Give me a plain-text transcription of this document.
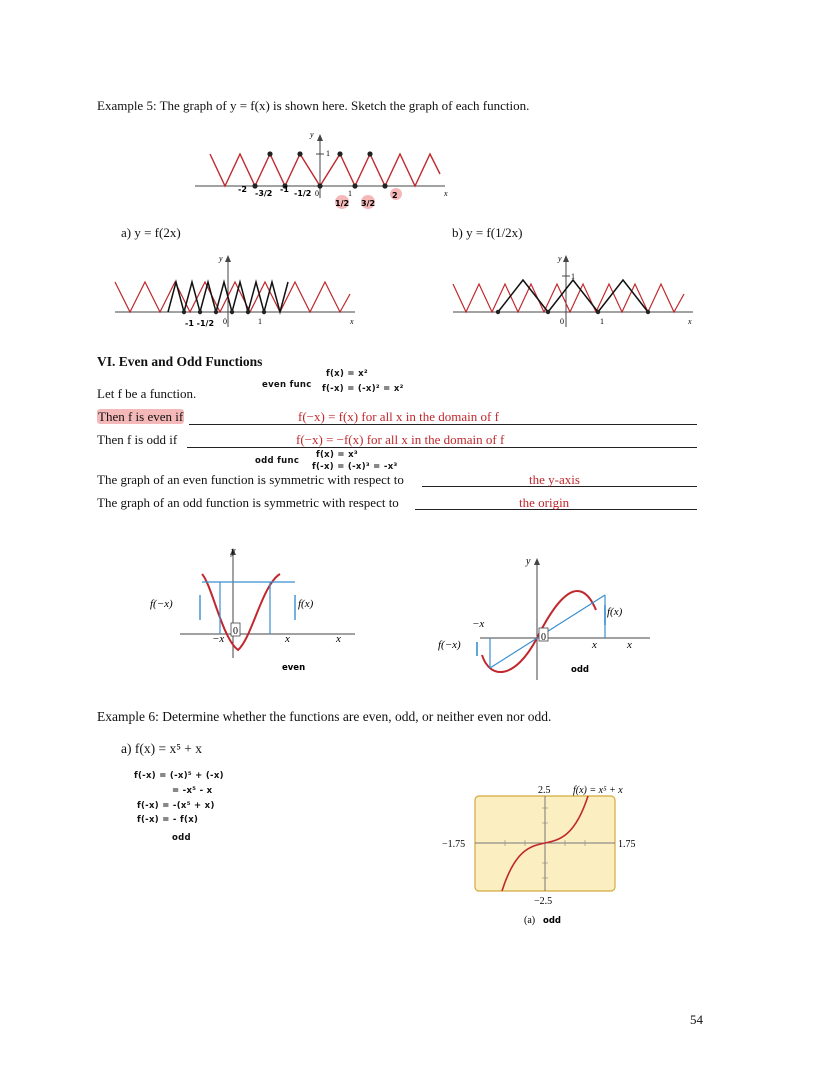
Example 5: The graph of y = f(x) is shown here. Sketch the graph of each function.
y
1
x
0	1
-2 -3/2 -1 -1/2
1/2 3/2
2
a) y = f(2x)	b) y = f(1/2x)
y
x
0	1
-1 -1/2
y
1
x
0	1
VI. Even and Odd Functions
even func
f(x) = x²
f(-x) = (-x)² = x²
Let f be a function.
Then f is even if	f(−x) = f(x) for all x in the domain of f
Then f is odd if	f(−x) = −f(x) for all x in the domain of f
odd func
f(x) = x³
f(-x) = (-x)³ = -x³
The graph of an even function is symmetric with respect to	the y-axis
The graph of an odd function is symmetric with respect to	the origin
y
x
0
f(−x)	f(x)
−x	x
even
y
x
0
f(−x)
f(x)
−x
x
odd
Example 6: Determine whether the functions are even, odd, or neither even nor odd.
a) f(x) = x⁵ + x
f(-x) = (-x)⁵ + (-x)
= -x⁵ - x
f(-x) = -(x⁵ + x)
f(-x) = - f(x)
odd
2.5 f(x) = x⁵ + x
−1.75	1.75
−2.5
(a) odd
54
